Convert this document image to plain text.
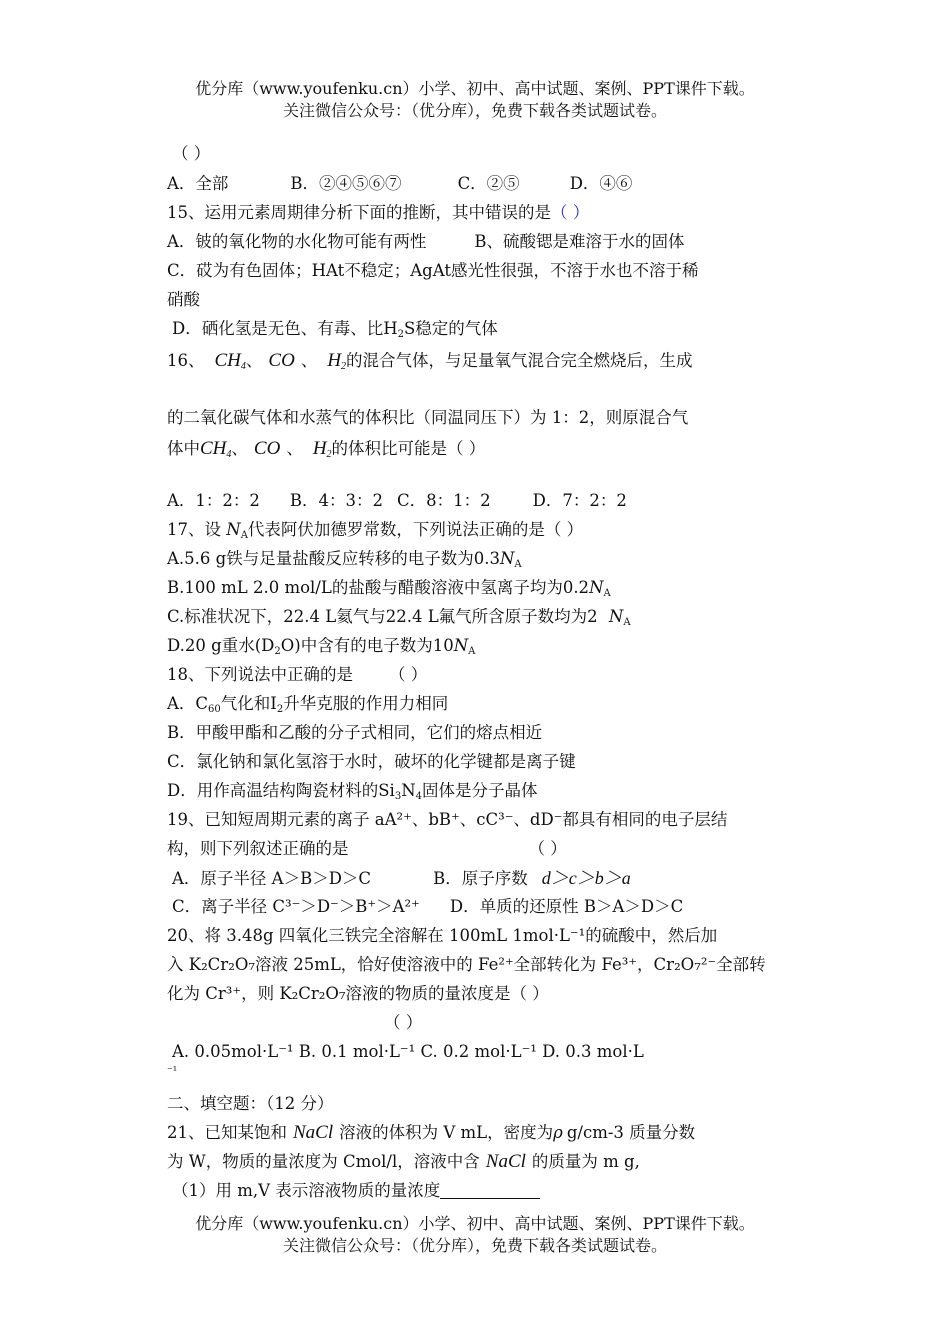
优分库（www.youfenku.cn）小学、初中、高中试题、案例、PPT课件下载。
关注微信公众号：（优分库），免费下载各类试题试卷。
（ ）
A．全部	B．②④⑤⑥⑦	C．②⑤	D．④⑥
15、运用元素周期律分析下面的推断，其中错误的是（ ）
A．铍的氧化物的水化物可能有两性	B、硫酸锶是难溶于水的固体
C．砹为有色固体；HAt不稳定；AgAt感光性很强，不溶于水也不溶于稀
硝酸
D．硒化氢是无色、有毒、比$H_2S$稳定的气体
16、 $CH_4$、 CO 、 $H_2$的混合气体，与足量氧气混合完全燃烧后，生成
的二氧化碳气体和水蒸气的体积比（同温同压下）为 1：2，则原混合气
体中$CH_4$、 CO 、 $H_2$的体积比可能是（ ）
A．1：2：2 B．4：3：2 C．8：1：2	D．7：2：2
17、设 $N_A$代表阿伏加德罗常数，下列说法正确的是（ ）
A.5.6 g铁与足量盐酸反应转移的电子数为$0.3N_A$
B.100 mL 2.0 mol/L的盐酸与醋酸溶液中氢离子均为$0.2N_A$
C.标准状况下，22.4 L氦气与22.4 L氟气所含原子数均为2 $N_A$
D.20 g重水$(D_2O)$中含有的电子数为$10N_A$
18、下列说法中正确的是 （ ）
A．$C_{60}$气化和$I_2$升华克服的作用力相同
B．甲酸甲酯和乙酸的分子式相同，它们的熔点相近
C．氯化钠和氯化氢溶于水时，破坏的化学键都是离子键
D．用作高温结构陶瓷材料的$Si_3N_4$固体是分子晶体
19、已知短周期元素的离子 aA²⁺、bB⁺、cC³⁻、dD⁻都具有相同的电子层结
构，则下列叙述正确的是	（ ）
A．原子半径 A＞B＞D＞C	B．原子序数 d＞c＞b＞a
C．离子半径 C³⁻＞D⁻＞B⁺＞A²⁺ D．单质的还原性 B＞A＞D＞C
20、将 3.48g 四氧化三铁完全溶解在 100mL 1mol·L⁻¹的硫酸中，然后加
入 K₂Cr₂O₇溶液 25mL，恰好使溶液中的 Fe²⁺全部转化为 Fe³⁺，Cr₂O₇²⁻全部转
化为 Cr³⁺，则 K₂Cr₂O₇溶液的物质的量浓度是（ ）
（ ）
A. 0.05mol·L⁻¹ B. 0.1 mol·L⁻¹ C. 0.2 mol·L⁻¹ D. 0.3 mol·L
⁻¹
二、填空题：（12 分）
21、已知某饱和 NaCl 溶液的体积为 V mL，密度为ρ g/cm-3 质量分数
为 W，物质的量浓度为 Cmol/l，溶液中含 NaCl 的质量为 m g,
（1）用 m,V 表示溶液物质的量浓度
优分库（www.youfenku.cn）小学、初中、高中试题、案例、PPT课件下载。
关注微信公众号：（优分库），免费下载各类试题试卷。
